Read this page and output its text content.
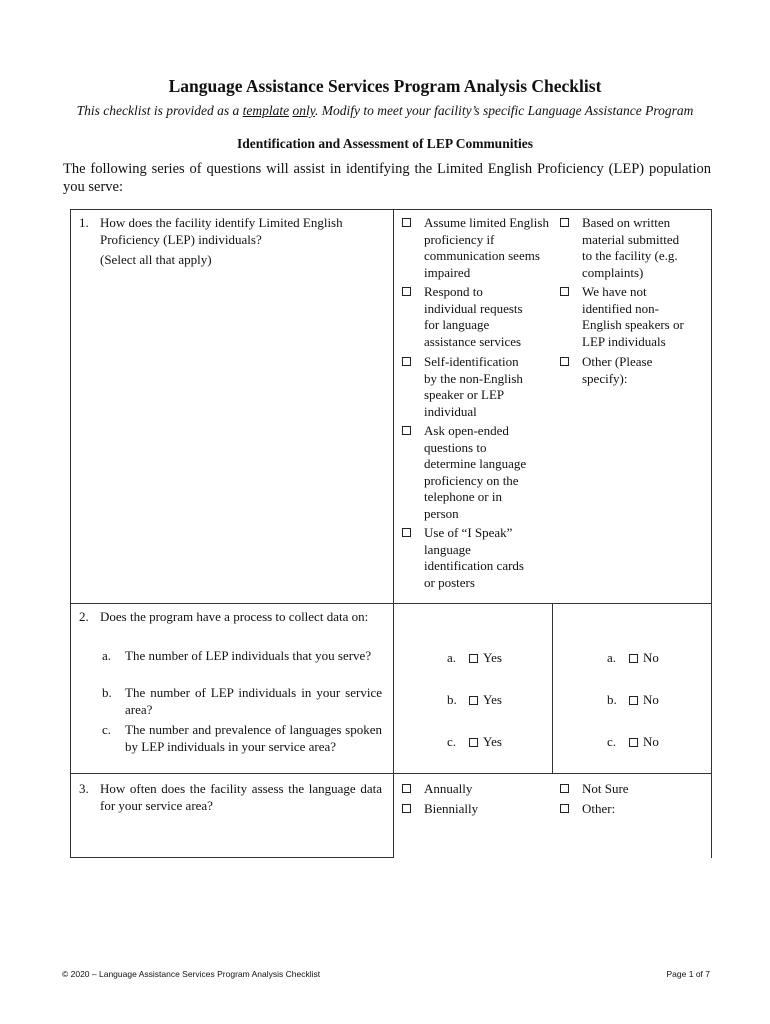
Language Assistance Services Program Analysis Checklist
This checklist is provided as a template only. Modify to meet your facility’s specific Language Assistance Program
Identification and Assessment of LEP Communities
The following series of questions will assist in identifying the Limited English Proficiency (LEP) population you serve:
1. How does the facility identify Limited English Proficiency (LEP) individuals?
(Select all that apply)
Assume limited English proficiency if communication seems impaired
Respond to individual requests for language assistance services
Self-identification by the non-English speaker or LEP individual
Ask open-ended questions to determine language proficiency on the telephone or in person
Use of “I Speak” language identification cards or posters
Based on written material submitted to the facility (e.g. complaints)
We have not identified non-English speakers or LEP individuals
Other (Please specify):
2. Does the program have a process to collect data on:
a. The number of LEP individuals that you serve?
b. The number of LEP individuals in your service area?
c. The number and prevalence of languages spoken by LEP individuals in your service area?
a. Yes	a. No
b. Yes	b. No
c. Yes	c. No
3. How often does the facility assess the language data for your service area?
Annually
Biennially
Not Sure
Other:
© 2020 – Language Assistance Services Program Analysis Checklist	Page 1 of 7
